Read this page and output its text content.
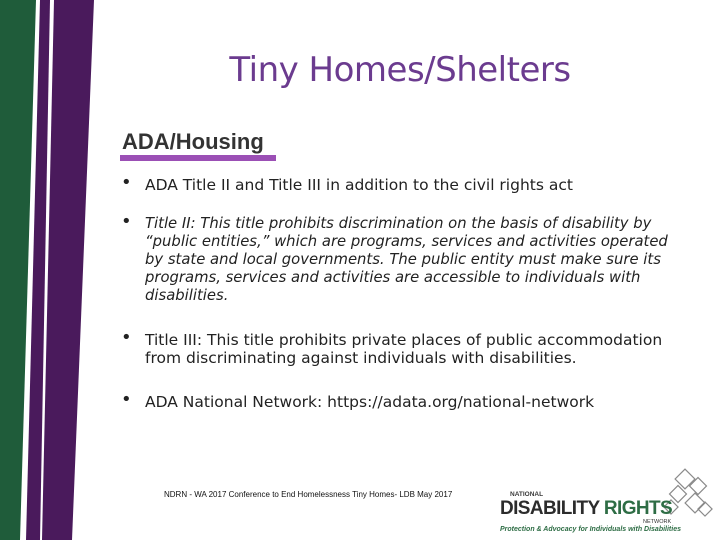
Tiny Homes/Shelters
ADA/Housing
• ADA Title II and Title III in addition to the civil rights act
• Title II: This title prohibits discrimination on the basis of disability by “public entities,” which are programs, services and activities operated by state and local governments. The public entity must make sure its programs, services and activities are accessible to individuals with disabilities.
• Title III: This title prohibits private places of public accommodation from discriminating against individuals with disabilities.
• ADA National Network: https://adata.org/national-network
NDRN - WA 2017 Conference to End Homelessness Tiny Homes- LDB May 2017	NATIONAL
DISABILITY RIGHTS
NETWORK
Protection & Advocacy for Individuals with Disabilities
